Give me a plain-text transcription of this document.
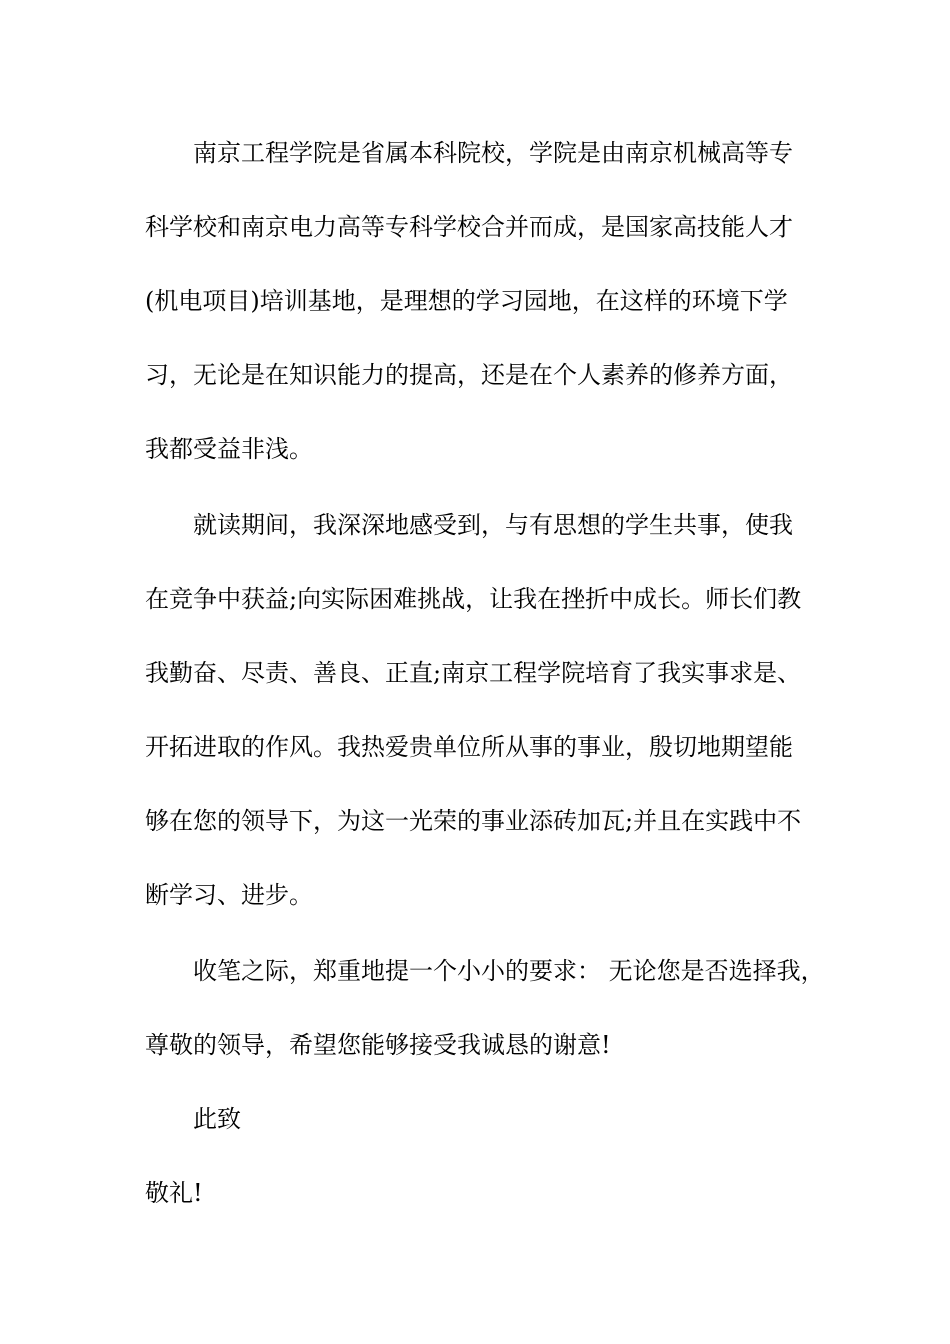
南京工程学院是省属本科院校，学院是由南京机械高等专
科学校和南京电力高等专科学校合并而成，是国家高技能人才
(机电项目)培训基地，是理想的学习园地，在这样的环境下学
习，无论是在知识能力的提高，还是在个人素养的修养方面，
我都受益非浅。
就读期间，我深深地感受到，与有思想的学生共事，使我
在竞争中获益;向实际困难挑战，让我在挫折中成长。师长们教
我勤奋、尽责、善良、正直;南京工程学院培育了我实事求是、
开拓进取的作风。我热爱贵单位所从事的事业，殷切地期望能
够在您的领导下，为这一光荣的事业添砖加瓦;并且在实践中不
断学习、进步。
收笔之际，郑重地提一个小小的要求： 无论您是否选择我，
尊敬的领导，希望您能够接受我诚恳的谢意!
此致
敬礼!
